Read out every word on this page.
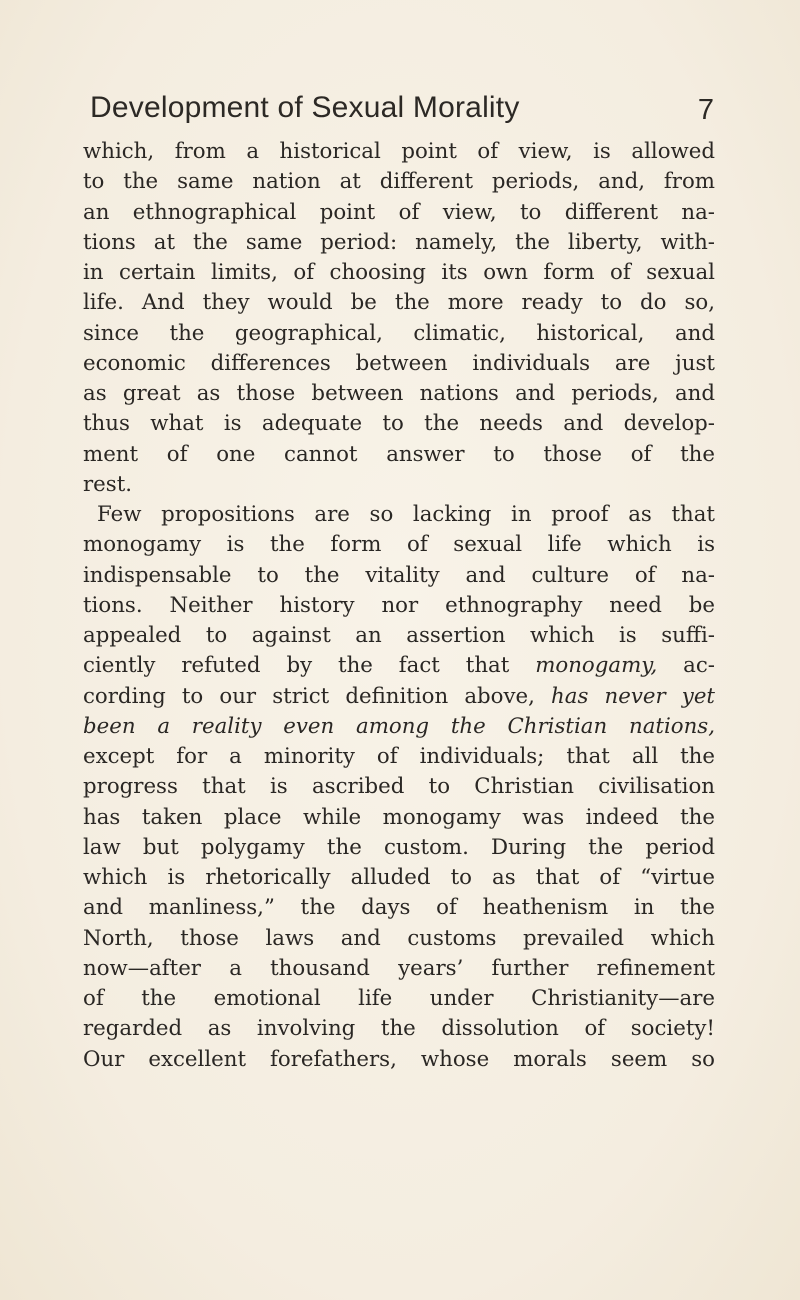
Development of Sexual Morality	7
which, from a historical point of view, is allowed
to the same nation at different periods, and, from
an ethnographical point of view, to different na-
tions at the same period: namely, the liberty, with-
in certain limits, of choosing its own form of sexual
life. And they would be the more ready to do so,
since the geographical, climatic, historical, and
economic differences between individuals are just
as great as those between nations and periods, and
thus what is adequate to the needs and develop-
ment of one cannot answer to those of the
rest.
Few propositions are so lacking in proof as that
monogamy is the form of sexual life which is
indispensable to the vitality and culture of na-
tions. Neither history nor ethnography need be
appealed to against an assertion which is suffi-
ciently refuted by the fact that monogamy, ac-
cording to our strict definition above, has never yet
been a reality even among the Christian nations,
except for a minority of individuals; that all the
progress that is ascribed to Christian civilisation
has taken place while monogamy was indeed the
law but polygamy the custom. During the period
which is rhetorically alluded to as that of “virtue
and manliness,” the days of heathenism in the
North, those laws and customs prevailed which
now—after a thousand years’ further refinement
of the emotional life under Christianity—are
regarded as involving the dissolution of society!
Our excellent forefathers, whose morals seem so
